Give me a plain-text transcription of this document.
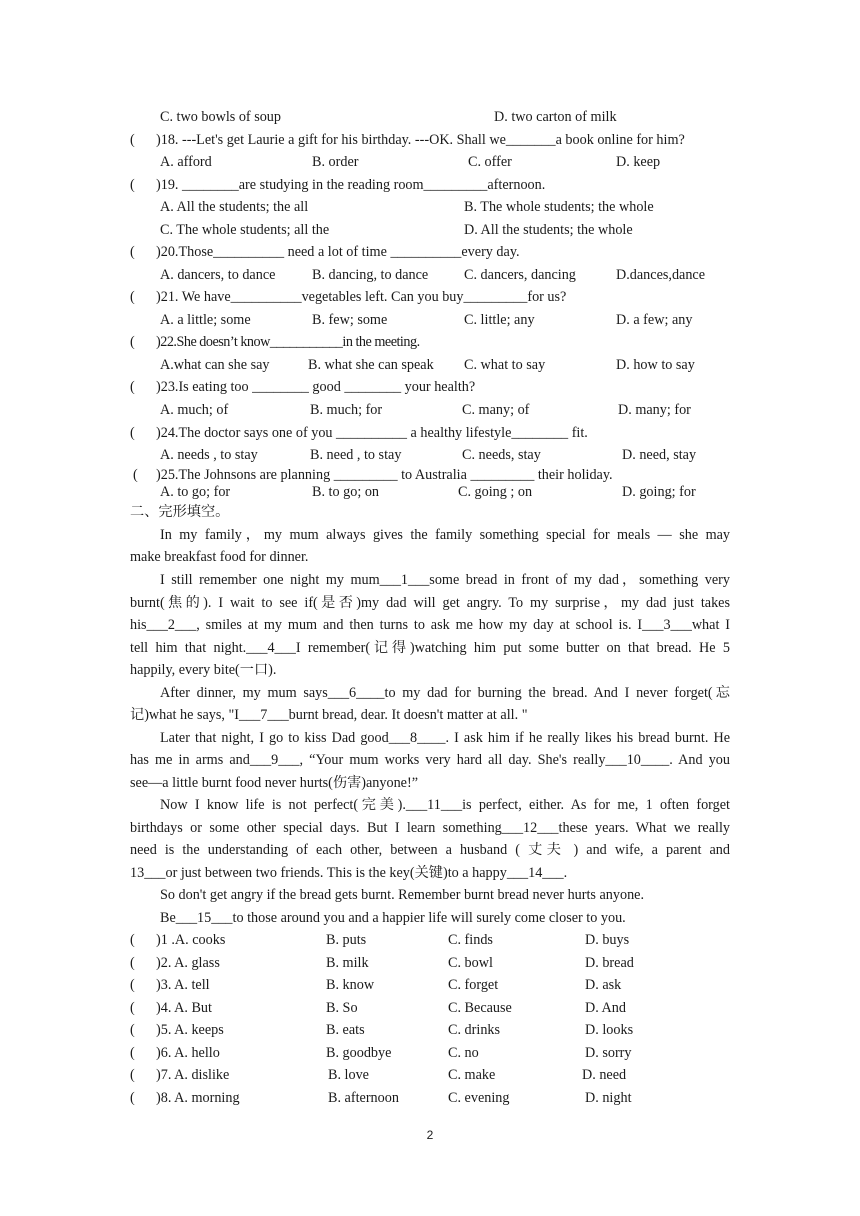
C. two bowls of soup	D. two carton of milk
( )18. ---Let's get Laurie a gift for his birthday. ---OK. Shall we_______a book online for him?
A. afford	B. order	C. offer	D. keep
( )19. ________are studying in the reading room_________afternoon.
A. All the students; the all	B. The whole students; the whole
C. The whole students; all the	D. All the students; the whole
( )20.Those__________ need a lot of time __________every day.
A. dancers, to dance	B. dancing, to dance	C. dancers, dancing	D.dances,dance
( )21. We have__________vegetables left. Can you buy_________for us?
A. a little; some	B. few; some	C. little; any	D. a few; any
( )22.She doesn’t know___________in the meeting.
A.what can she say	B. what she can speak C. what to say	D. how to say
( )23.Is eating too ________ good ________ your health?
A. much; of	B. much; for	C. many; of	D. many; for
( )24.The doctor says one of you __________ a healthy lifestyle________ fit.
A. needs , to stay	B. need , to stay	C. needs, stay	D. need, stay
( )25.The Johnsons are planning _________ to Australia _________ their holiday.
A. to go; for	B. to go; on	C. going ; on	D. going; for
二、完形填空。
In my family，my mum always gives the family something special for meals — she may
make breakfast food for dinner.
I still remember one night my mum___1___some bread in front of my dad，something very
burnt(焦的). I wait to see if(是否)my dad will get angry. To my surprise，my dad just takes
his___2___, smiles at my mum and then turns to ask me how my day at school is. I___3___what I
tell him that night.___4___I remember(记得)watching him put some butter on that bread. He 5
happily, every bite(一口).
After dinner, my mum says___6____to my dad for burning the bread. And I never forget(忘
记)what he says, "I___7___burnt bread, dear. It doesn't matter at all. "
Later that night, I go to kiss Dad good___8____. I ask him if he really likes his bread burnt. He
has me in arms and___9___, “Your mum works very hard all day. She's really___10____. And you
see—a little burnt food never hurts(伤害)anyone!”
Now I know life is not perfect(完美).___11___is perfect, either. As for me, 1 often forget
birthdays or some other special days. But I learn something___12___these years. What we really
need is the understanding of each other, between a husband ( 丈夫 ) and wife, a parent and
13___or just between two friends. This is the key(关键)to a happy___14___.
So don't get angry if the bread gets burnt. Remember burnt bread never hurts anyone.
Be___15___to those around you and a happier life will surely come closer to you.
( )1 .A. cooks	B. puts	C. finds	D. buys
( )2. A. glass	B. milk	C. bowl	D. bread
( )3. A. tell	B. know	C. forget	D. ask
( )4. A. But	B. So	C. Because	D. And
( )5. A. keeps	B. eats	C. drinks	D. looks
( )6. A. hello	B. goodbye	C. no	D. sorry
( )7. A. dislike	B. love	C. make	D. need
( )8. A. morning	B. afternoon	C. evening	D. night
2
